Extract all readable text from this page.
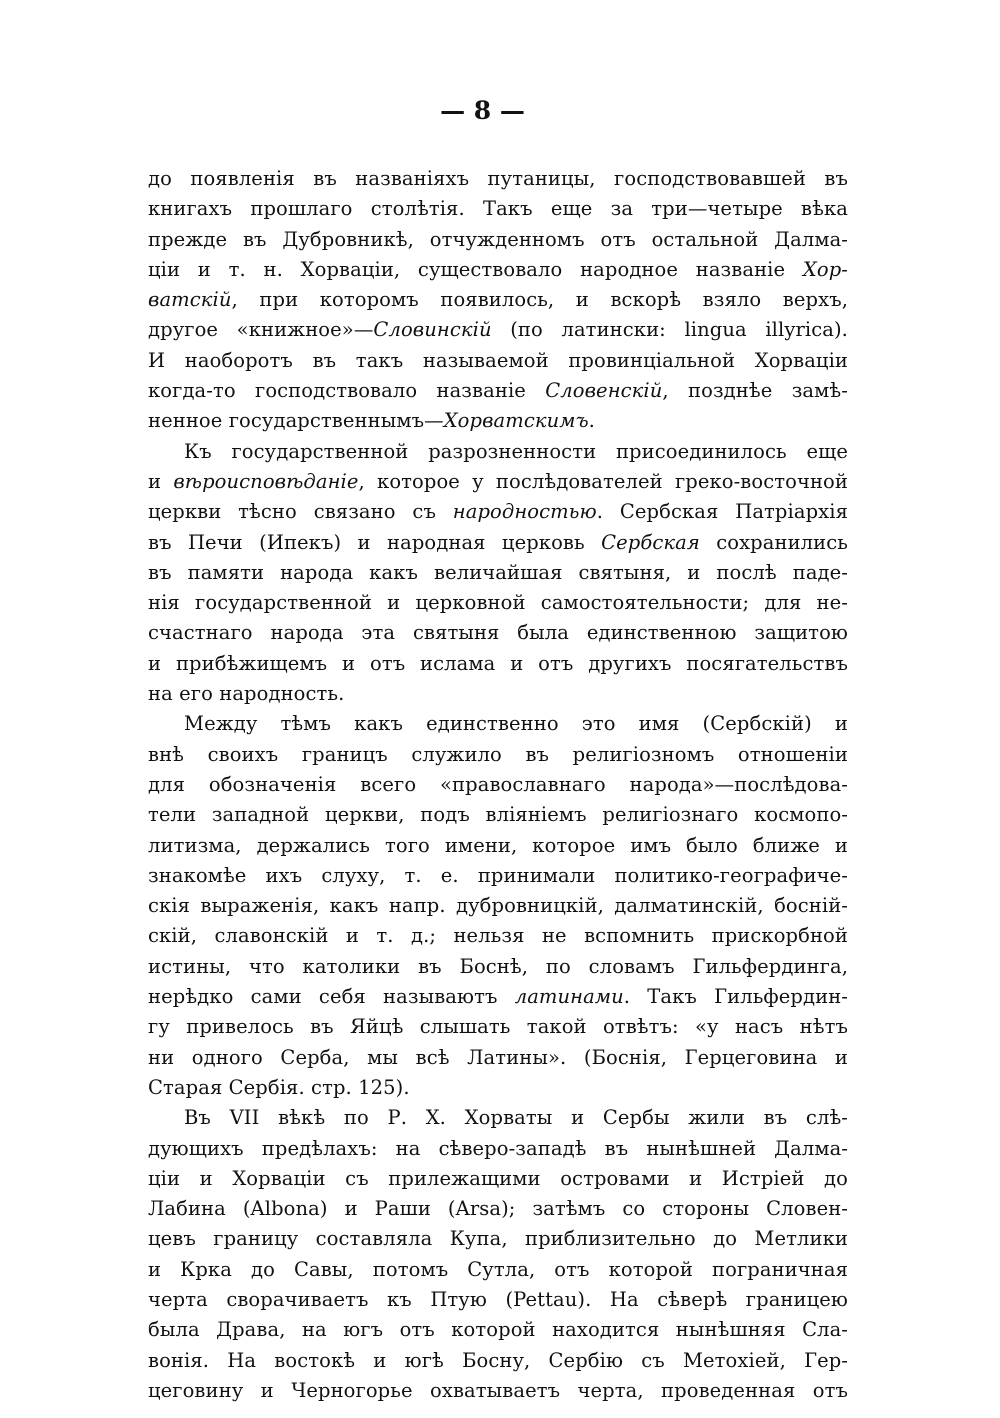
— 8 —
до появленія въ названіяхъ путаницы, господствовавшей въ
книгахъ прошлаго столѣтія. Такъ еще за три—четыре вѣка
прежде въ Дубровникѣ, отчужденномъ отъ остальной Далма-
ціи и т. н. Хорваціи, существовало народное названіе Хор-
ватскій, при которомъ появилось, и вскорѣ взяло верхъ,
другое «книжное»—Словинскій (по латински: lingua illyrica).
И наоборотъ въ такъ называемой провинціальной Хорваціи
когда-то господствовало названіе Словенскій, позднѣе замѣ-
ненное государственнымъ—Хорватскимъ.
Къ государственной разрозненности присоединилось еще
и вѣроисповѣданіе, которое у послѣдователей греко-восточной
церкви тѣсно связано съ народностью. Сербская Патріархія
въ Печи (Ипекъ) и народная церковь Сербская сохранились
въ памяти народа какъ величайшая святыня, и послѣ паде-
нія государственной и церковной самостоятельности; для не-
счастнаго народа эта святыня была единственною защитою
и прибѣжищемъ и отъ ислама и отъ другихъ посягательствъ
на его народность.
Между тѣмъ какъ единственно это имя (Сербскій) и
внѣ своихъ границъ служило въ религіозномъ отношеніи
для обозначенія всего «православнаго народа»—послѣдова-
тели западной церкви, подъ вліяніемъ религіознаго космопо-
литизма, держались того имени, которое имъ было ближе и
знакомѣе ихъ слуху, т. е. принимали политико-географиче-
скія выраженія, какъ напр. дубровницкій, далматинскій, босній-
скій, славонскій и т. д.; нельзя не вспомнить прискорбной
истины, что католики въ Боснѣ, по словамъ Гильфердинга,
нерѣдко сами себя называютъ латинами. Такъ Гильфердин-
гу привелось въ Яйцѣ слышать такой отвѣтъ: «у насъ нѣтъ
ни одного Серба, мы всѣ Латины». (Боснія, Герцеговина и
Старая Сербія. стр. 125).
Въ VII вѣкѣ по Р. Х. Хорваты и Сербы жили въ слѣ-
дующихъ предѣлахъ: на сѣверо-западѣ въ нынѣшней Далма-
ціи и Хорваціи съ прилежащими островами и Истріей до
Лабина (Albona) и Раши (Arsa); затѣмъ со стороны Словен-
цевъ границу составляла Купа, приблизительно до Метлики
и Крка до Савы, потомъ Сутла, отъ которой пограничная
черта сворачиваетъ къ Птую (Pettau). На сѣверѣ границею
была Драва, на югъ отъ которой находится нынѣшняя Сла-
вонія. На востокѣ и югѣ Босну, Сербію съ Метохіей, Гер-
цеговину и Черногорье охватываетъ черта, проведенная отъ
